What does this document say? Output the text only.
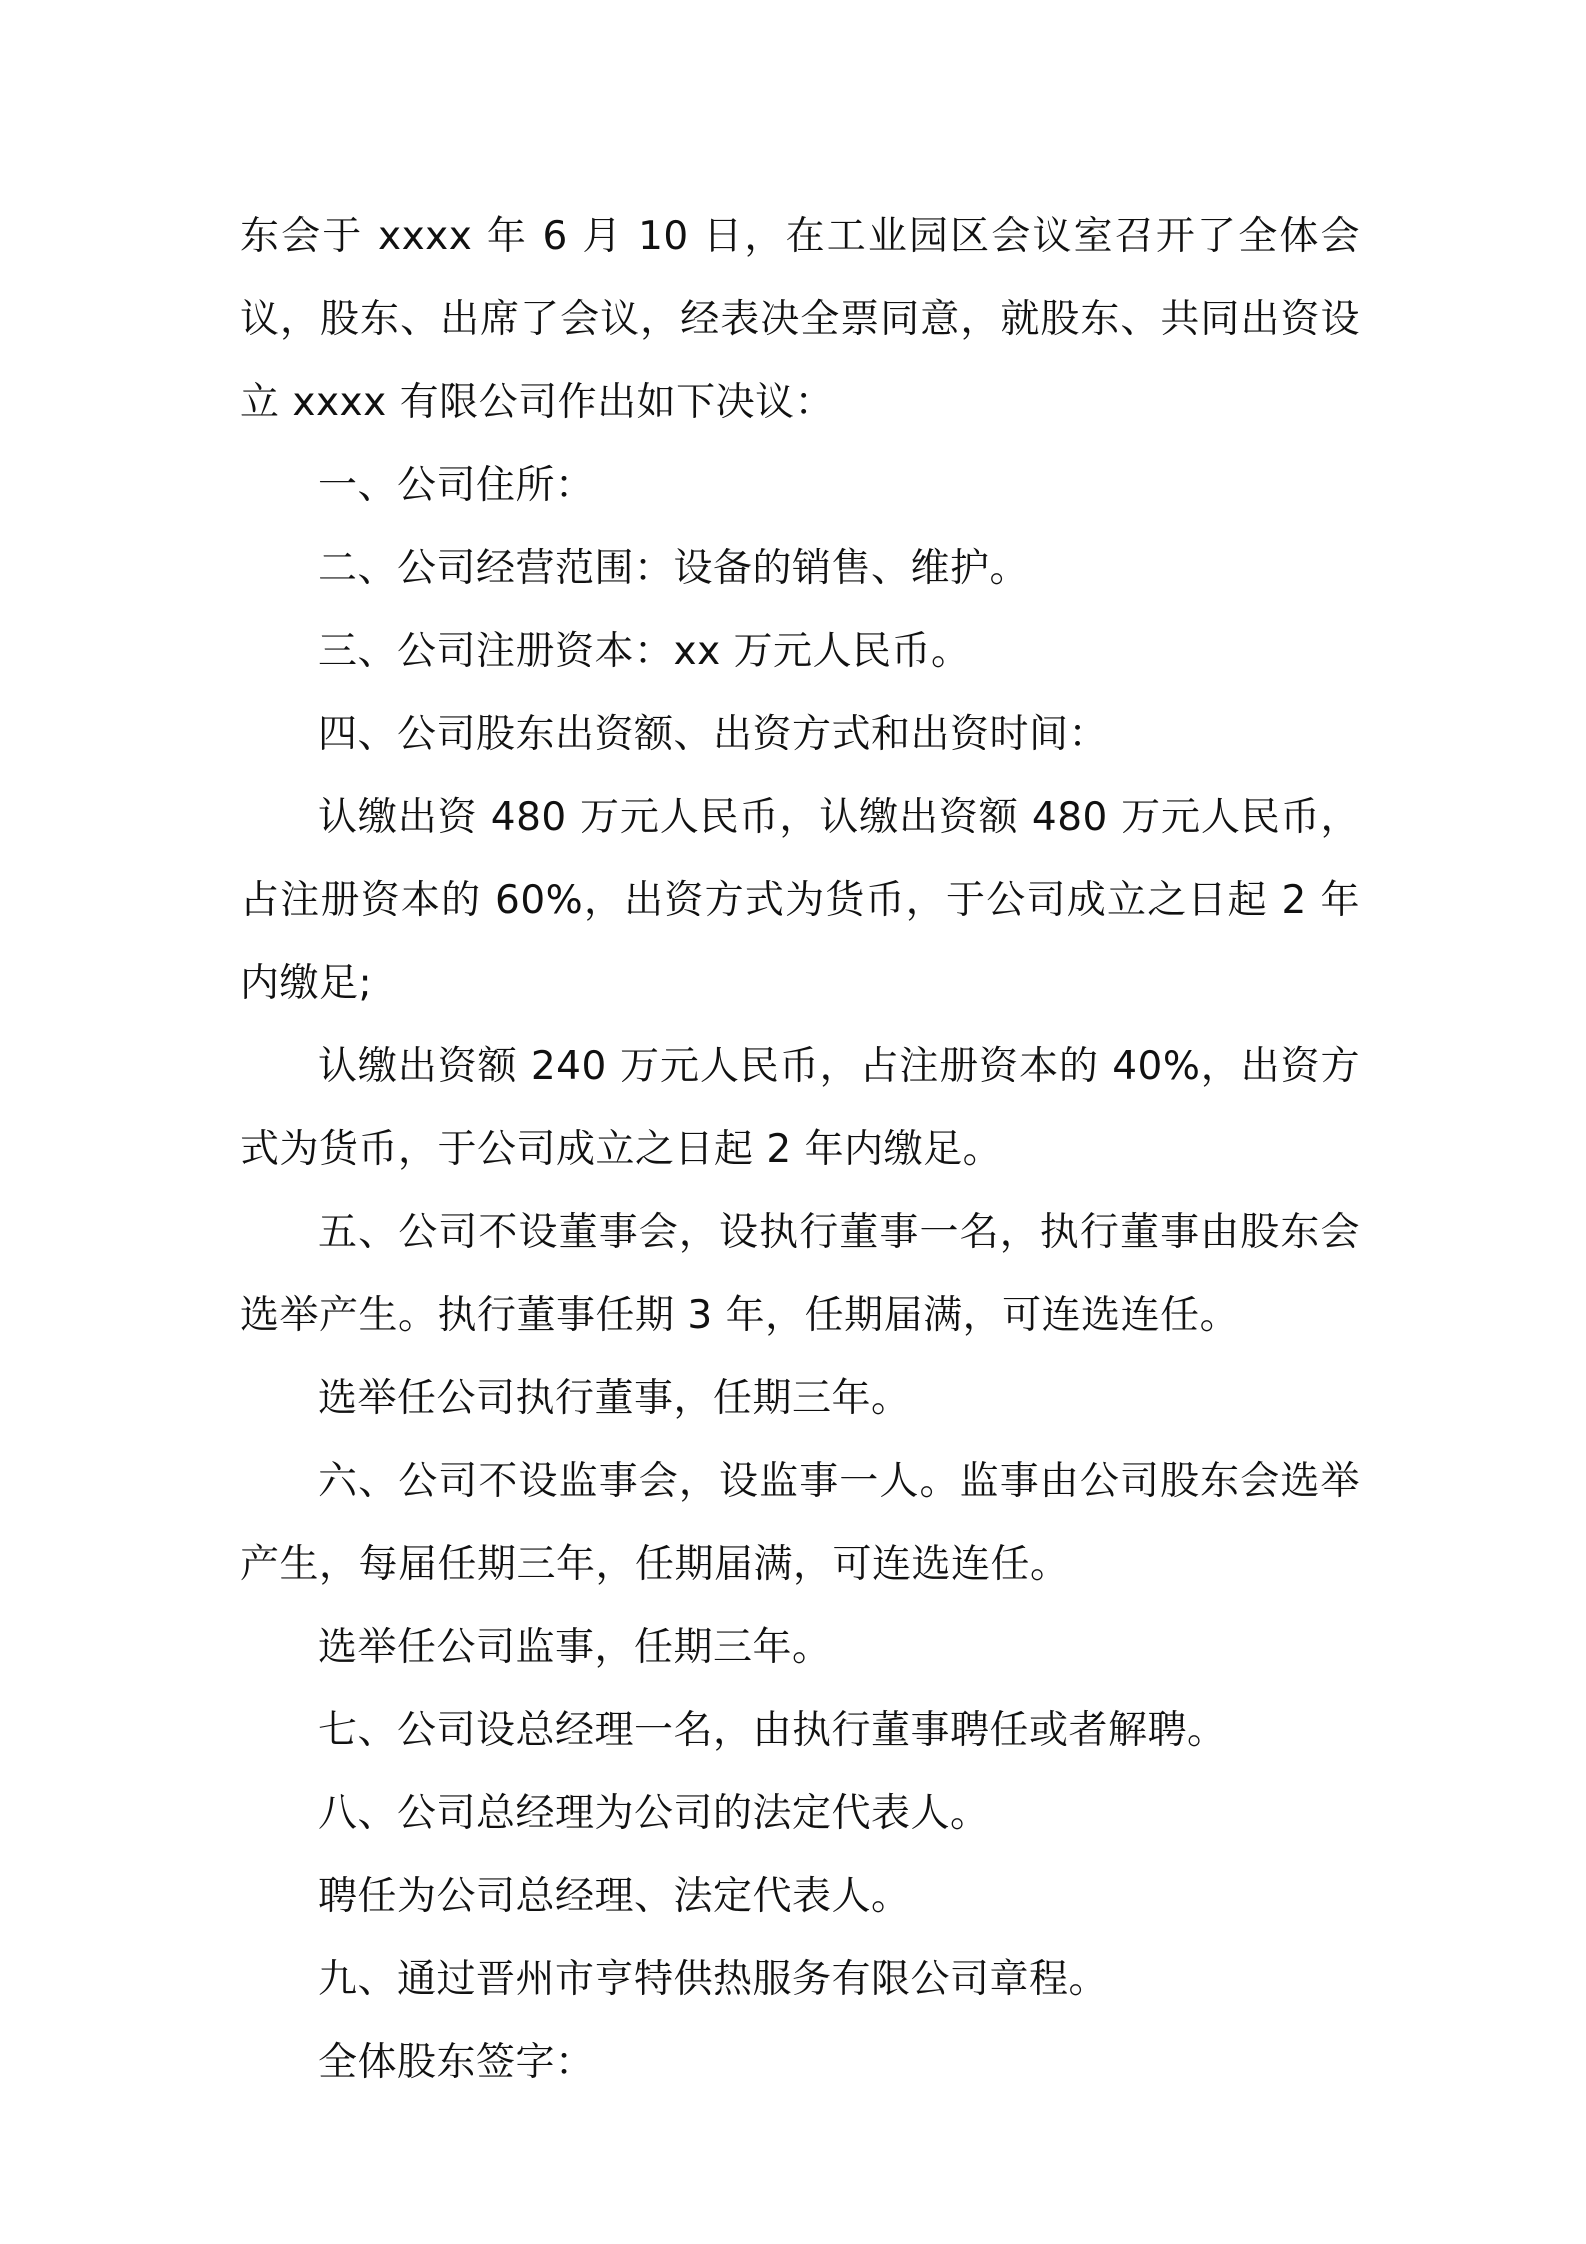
东会于 xxxx 年 6 月 10 日，在工业园区会议室召开了全体会议，股东、出席了会议，经表决全票同意，就股东、共同出资设立 xxxx 有限公司作出如下决议：

一、公司住所：

二、公司经营范围：设备的销售、维护。

三、公司注册资本：xx 万元人民币。

四、公司股东出资额、出资方式和出资时间：

认缴出资 480 万元人民币，认缴出资额 480 万元人民币，占注册资本的 60%，出资方式为货币，于公司成立之日起 2 年内缴足;

认缴出资额 240 万元人民币，占注册资本的 40%，出资方式为货币，于公司成立之日起 2 年内缴足。

五、公司不设董事会，设执行董事一名，执行董事由股东会选举产生。执行董事任期 3 年，任期届满，可连选连任。

选举任公司执行董事，任期三年。

六、公司不设监事会，设监事一人。监事由公司股东会选举产生，每届任期三年，任期届满，可连选连任。

选举任公司监事，任期三年。

七、公司设总经理一名，由执行董事聘任或者解聘。

八、公司总经理为公司的法定代表人。

聘任为公司总经理、法定代表人。

九、通过晋州市亨特供热服务有限公司章程。

全体股东签字：
